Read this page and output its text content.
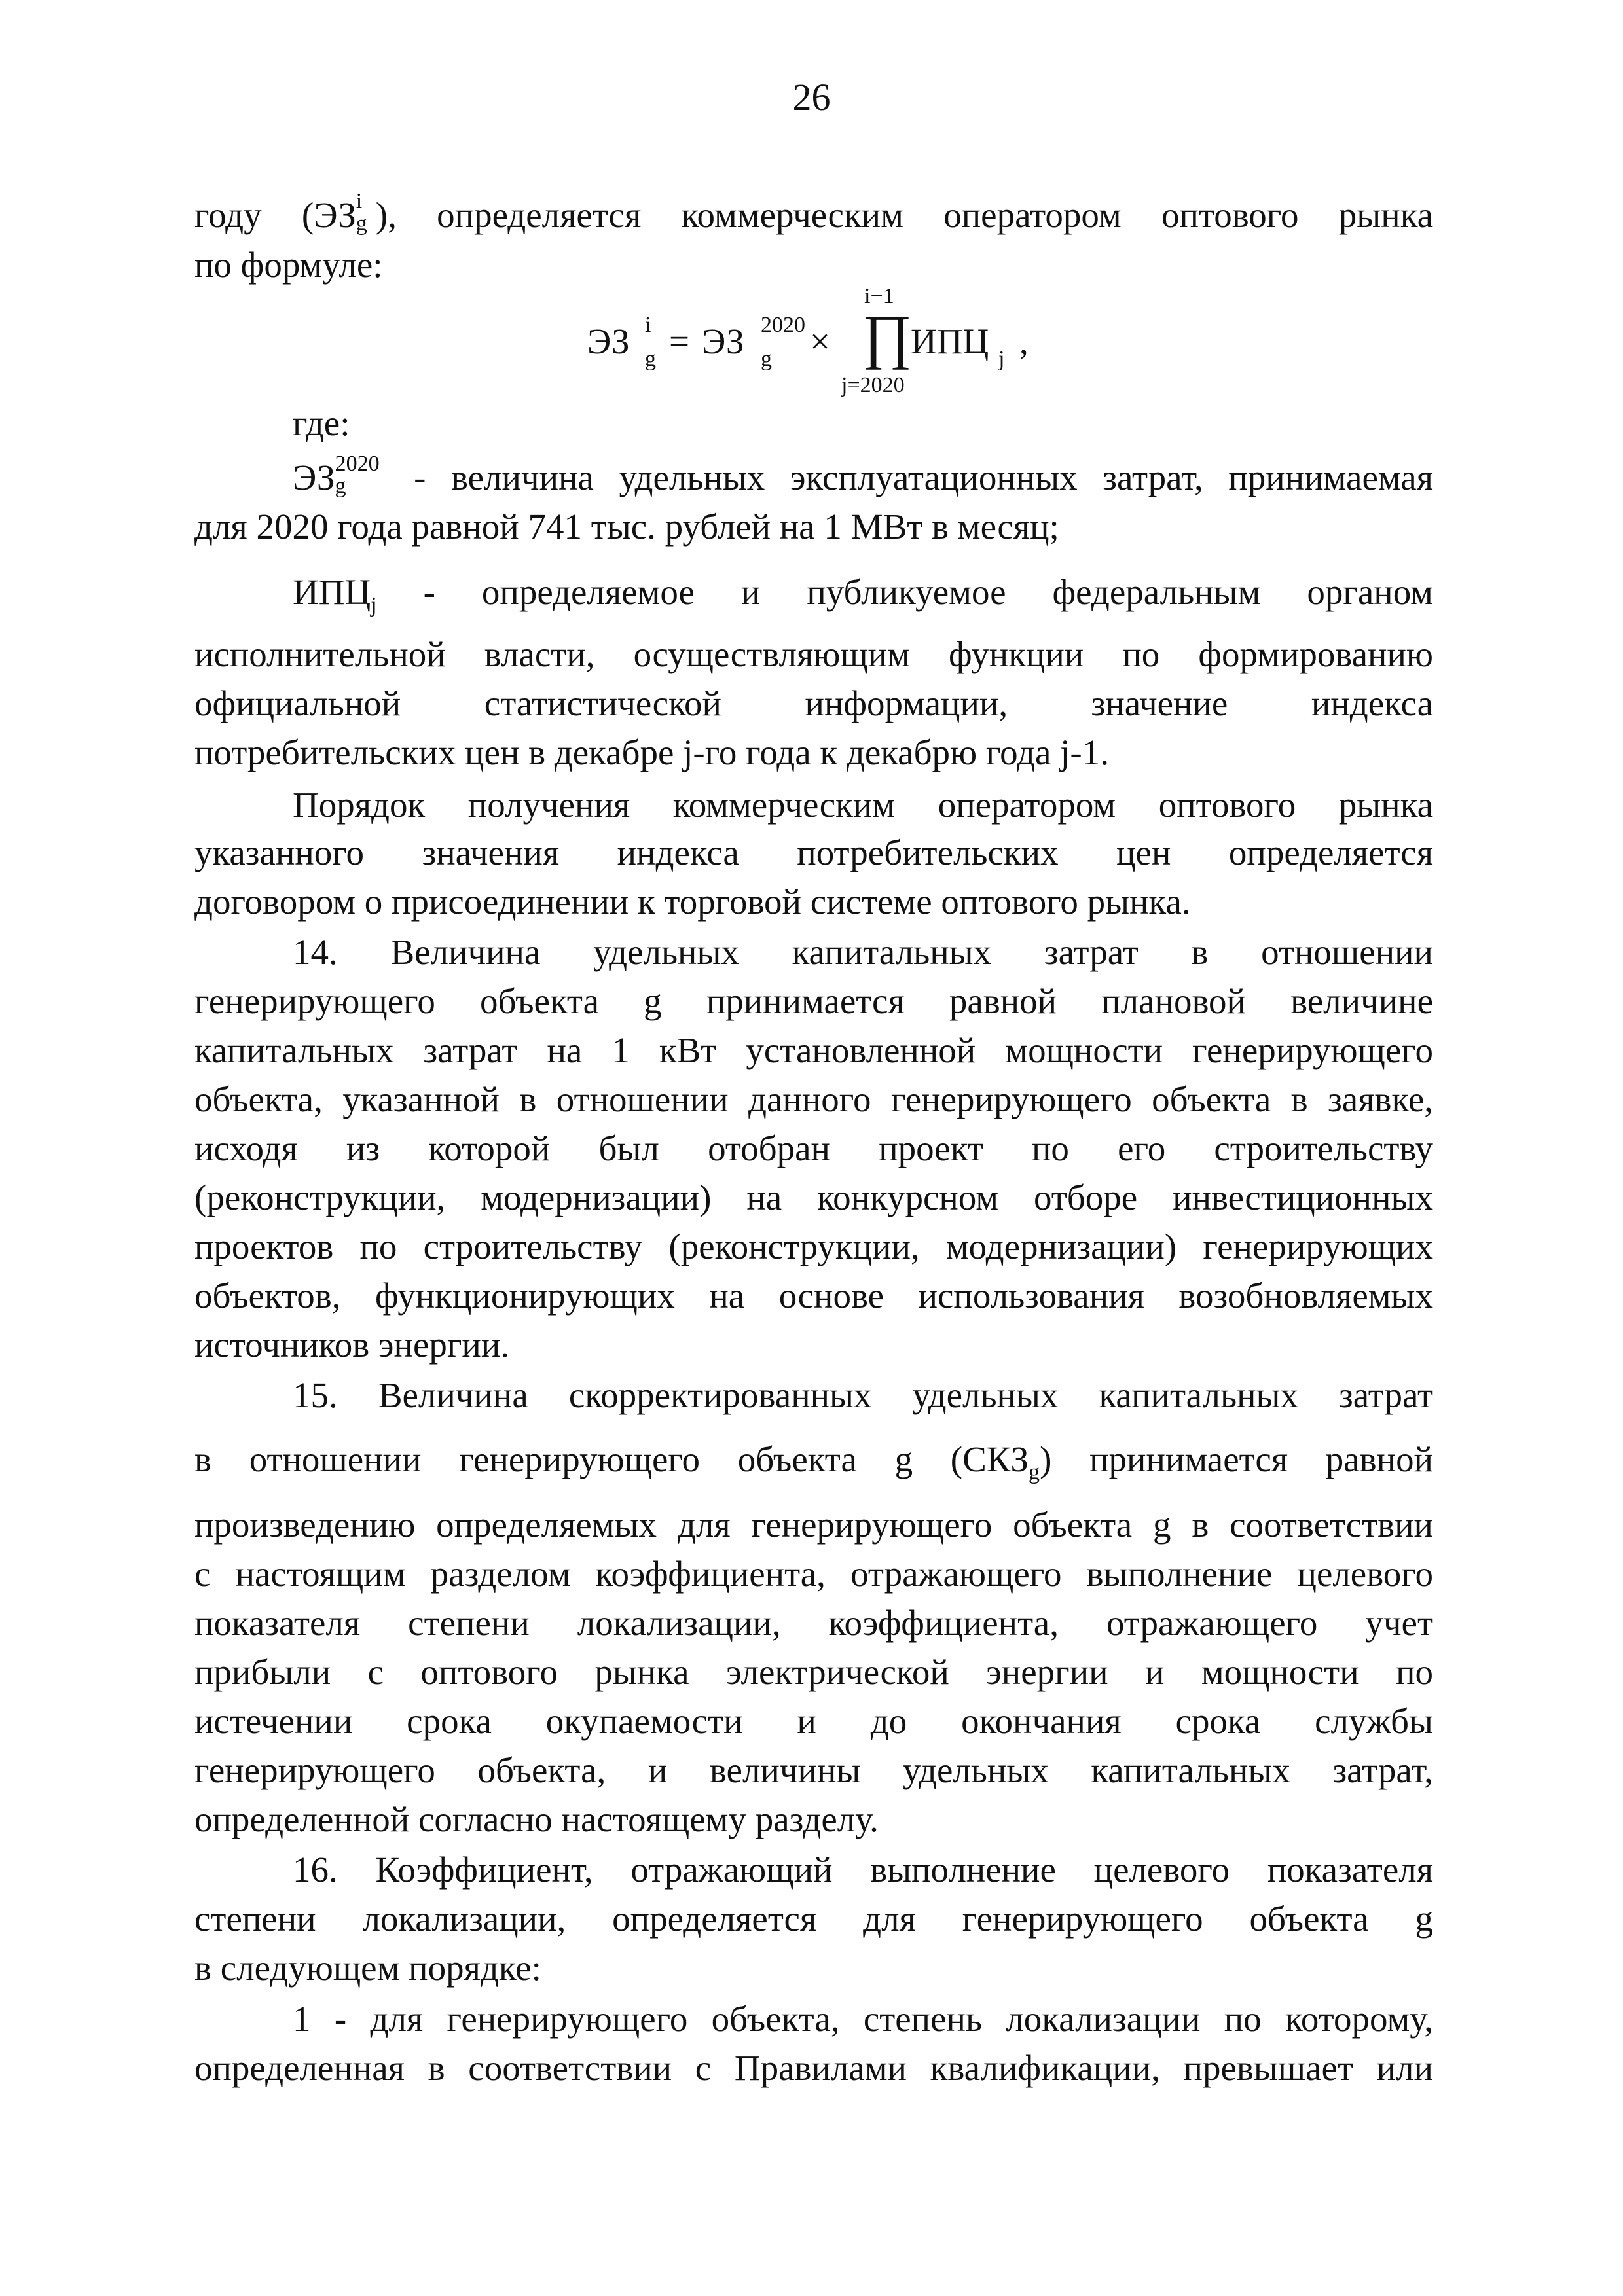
26
году (ЭЗ i
g ), определяется коммерческим оператором оптового рынка
по формуле:
ЭЗ i
g = ЭЗ 2020
g ×
i−1
∏
j=2020
ИПЦ j ,
где:
ЭЗ 2020
g - величина удельных эксплуатационных затрат, принимаемая
для 2020 года равной 741 тыс. рублей на 1 МВт в месяц;
$ИПЦ_j$ - определяемое и публикуемое федеральным органом
исполнительной власти, осуществляющим функции по формированию
официальной статистической информации, значение индекса
потребительских цен в декабре j-го года к декабрю года j-1.
Порядок получения коммерческим оператором оптового рынка
указанного значения индекса потребительских цен определяется
договором о присоединении к торговой системе оптового рынка.
14. Величина удельных капитальных затрат в отношении
генерирующего объекта g принимается равной плановой величине
капитальных затрат на 1 кВт установленной мощности генерирующего
объекта, указанной в отношении данного генерирующего объекта в заявке,
исходя из которой был отобран проект по его строительству
(реконструкции, модернизации) на конкурсном отборе инвестиционных
проектов по строительству (реконструкции, модернизации) генерирующих
объектов, функционирующих на основе использования возобновляемых
источников энергии.
15. Величина скорректированных удельных капитальных затрат
в отношении генерирующего объекта g $(СКЗ_g)$ принимается равной
произведению определяемых для генерирующего объекта g в соответствии
с настоящим разделом коэффициента, отражающего выполнение целевого
показателя степени локализации, коэффициента, отражающего учет
прибыли с оптового рынка электрической энергии и мощности по
истечении срока окупаемости и до окончания срока службы
генерирующего объекта, и величины удельных капитальных затрат,
определенной согласно настоящему разделу.
16. Коэффициент, отражающий выполнение целевого показателя
степени локализации, определяется для генерирующего объекта g
в следующем порядке:
1 - для генерирующего объекта, степень локализации по которому,
определенная в соответствии с Правилами квалификации, превышает или
